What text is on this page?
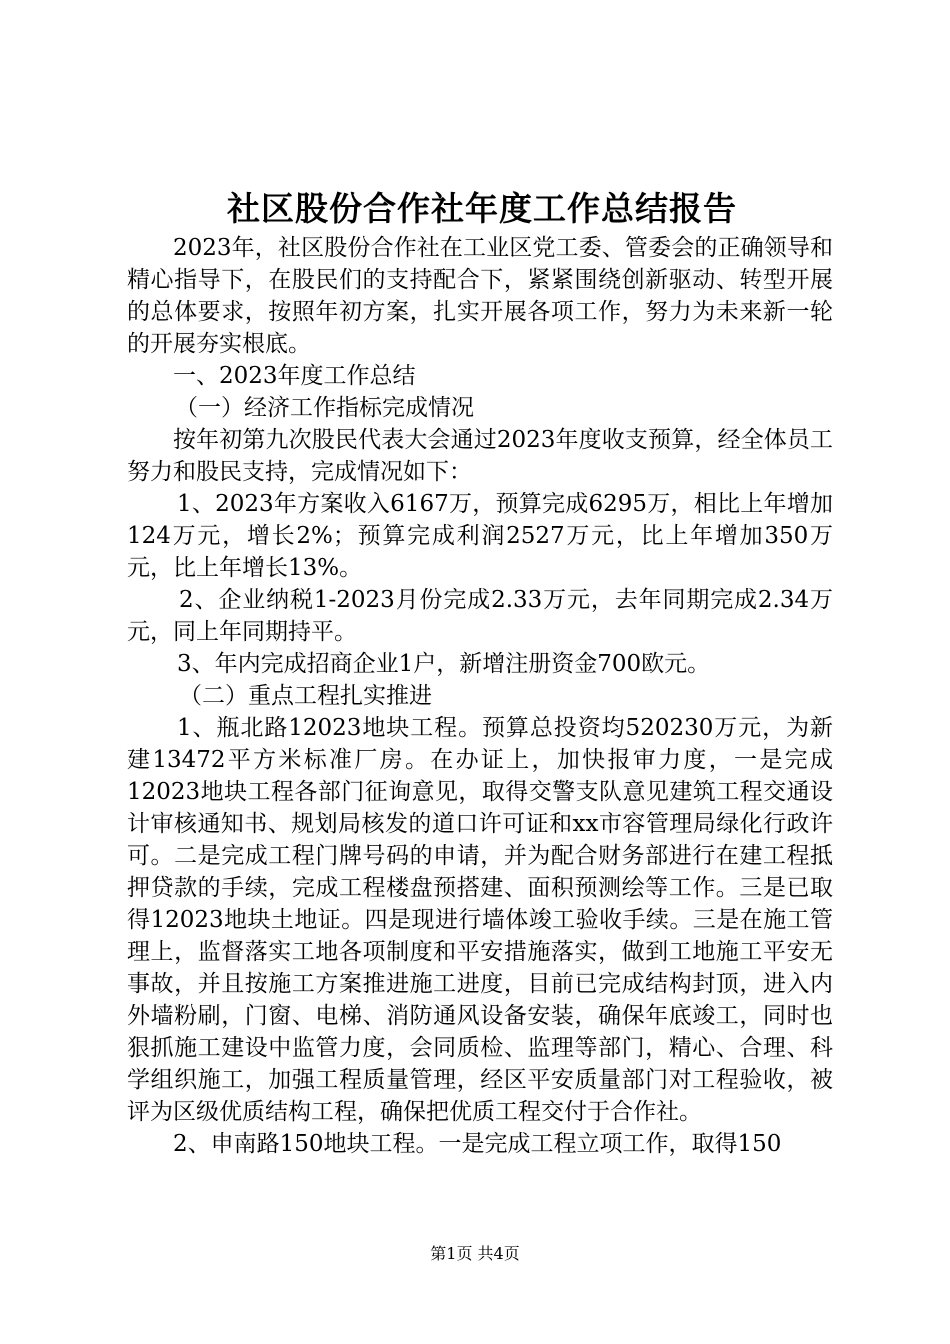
社区股份合作社年度工作总结报告

2023年，社区股份合作社在工业区党工委、管委会的正确领导和精心指导下，在股民们的支持配合下，紧紧围绕创新驱动、转型开展的总体要求，按照年初方案，扎实开展各项工作，努力为未来新一轮的开展夯实根底。

一、2023年度工作总结

（一）经济工作指标完成情况

按年初第九次股民代表大会通过2023年度收支预算，经全体员工努力和股民支持，完成情况如下：

1、2023年方案收入6167万，预算完成6295万，相比上年增加124万元，增长2%；预算完成利润2527万元，比上年增加350万元，比上年增长13%。

2、企业纳税1-2023月份完成2.33万元，去年同期完成2.34万元，同上年同期持平。

3、年内完成招商企业1户，新增注册资金700欧元。

（二）重点工程扎实推进

1、瓶北路12023地块工程。预算总投资均520230万元，为新建13472平方米标准厂房。在办证上，加快报审力度，一是完成12023地块工程各部门征询意见，取得交警支队意见建筑工程交通设计审核通知书、规划局核发的道口许可证和xx市容管理局绿化行政许可。二是完成工程门牌号码的申请，并为配合财务部进行在建工程抵押贷款的手续，完成工程楼盘预搭建、面积预测绘等工作。三是已取得12023地块土地证。四是现进行墙体竣工验收手续。三是在施工管理上，监督落实工地各项制度和平安措施落实，做到工地施工平安无事故，并且按施工方案推进施工进度，目前已完成结构封顶，进入内外墙粉刷，门窗、电梯、消防通风设备安装，确保年底竣工，同时也狠抓施工建设中监管力度，会同质检、监理等部门，精心、合理、科学组织施工，加强工程质量管理，经区平安质量部门对工程验收，被评为区级优质结构工程，确保把优质工程交付于合作社。

2、申南路150地块工程。一是完成工程立项工作，取得150

第1页 共4页
